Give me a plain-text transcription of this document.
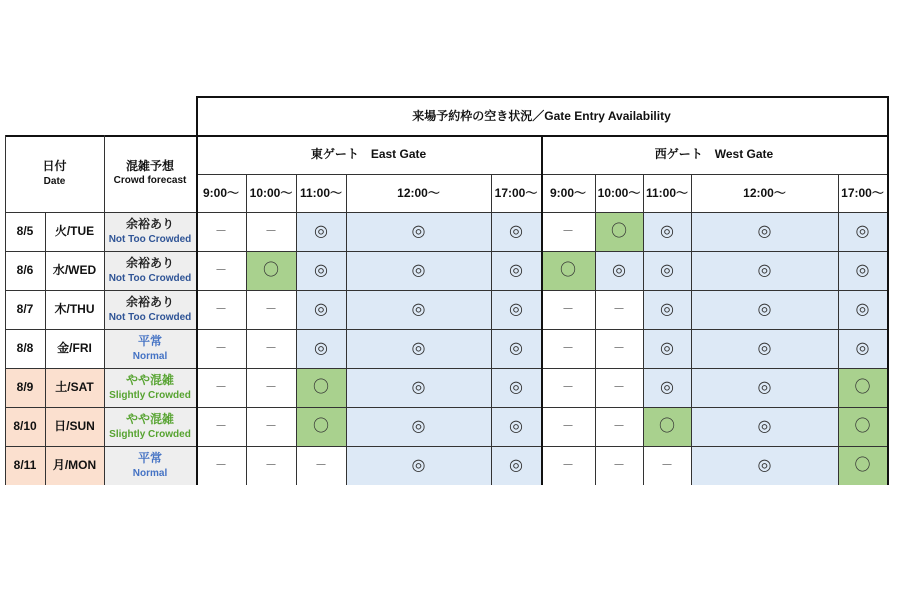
来場予約枠の空き状況／Gate Entry Availability
日付
Date
混雑予想
Crowd forecast
東ゲート　East Gate	西ゲート　West Gate
9:00～ 10:00～ 11:00～	12:00～	17:00～	9:00～ 10:00～ 11:00～	12:00～	17:00～
8/5	火/TUE	余裕あり
Not Too Crowded
－	－	◎	◎	◎	－	〇	◎	◎	◎
8/6	水/WED	余裕あり
Not Too Crowded
－	〇	◎	◎	◎	〇	◎	◎	◎	◎
8/7	木/THU	余裕あり
Not Too Crowded
－	－	◎	◎	◎	－	－	◎	◎	◎
8/8	金/FRI	平常
Normal
－	－	◎	◎	◎	－	－	◎	◎	◎
8/9	土/SAT	やや混雑
Slightly Crowded
－	－	〇	◎	◎	－	－	◎	◎	〇
8/10	日/SUN	やや混雑
Slightly Crowded
－	－	〇	◎	◎	－	－	〇	◎	〇
8/11	月/MON	平常
Normal
－	－	－	◎	◎	－	－	－	◎	〇
